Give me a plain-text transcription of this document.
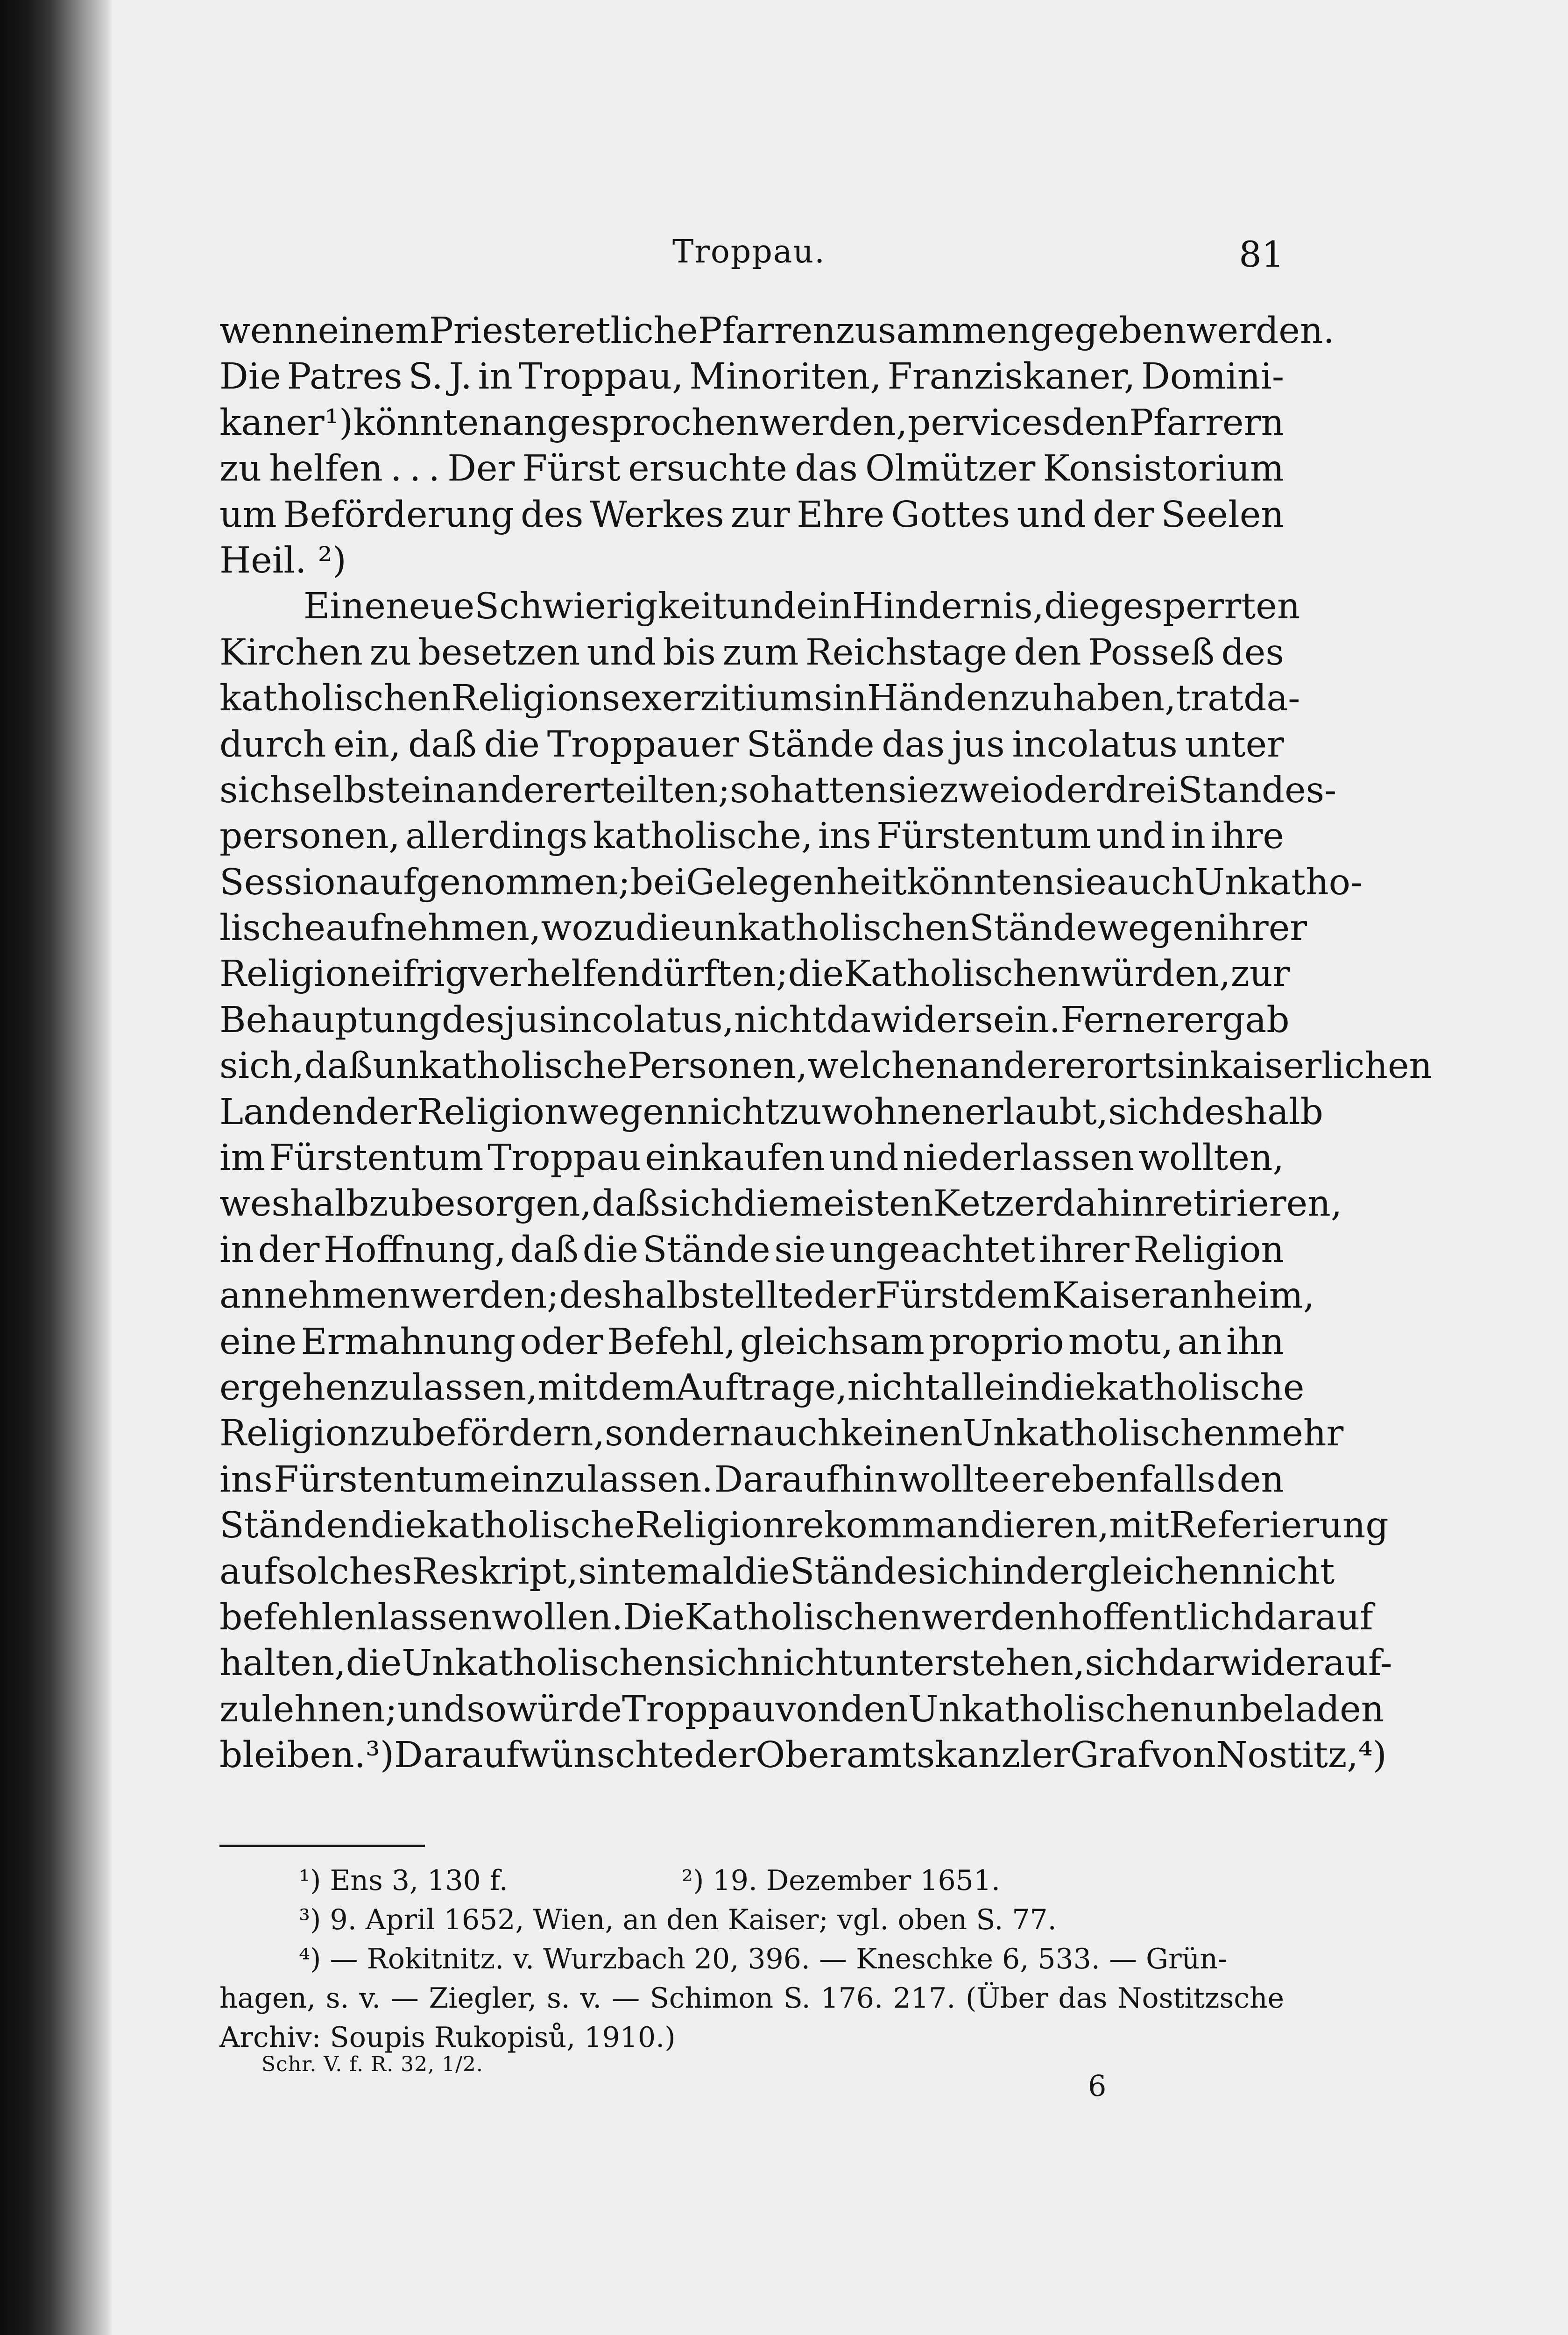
Troppau.	81
wenn einem Priester etliche Pfarren zusammen gegeben werden.
Die Patres S. J. in Troppau, Minoriten, Franziskaner, Domini-
kaner ¹) könnten angesprochen werden, per vices den Pfarrern
zu helfen . . . Der Fürst ersuchte das Olmützer Konsistorium
um Beförderung des Werkes zur Ehre Gottes und der Seelen
Heil. ²)
Eine neue Schwierigkeit und ein Hindernis, die gesperrten
Kirchen zu besetzen und bis zum Reichstage den Posseß des
katholischen Religionsexerzitiums in Händen zu haben, trat da-
durch ein, daß die Troppauer Stände das jus incolatus unter
sich selbst einander erteilten; so hatten sie zwei oder drei Standes-
personen, allerdings katholische, ins Fürstentum und in ihre
Session aufgenommen; bei Gelegenheit könnten sie auch Unkatho-
lische aufnehmen, wozu die unkatholischen Stände wegen ihrer
Religion eifrig verhelfen dürften; die Katholischen würden, zur
Behauptung des jus incolatus, nicht dawider sein. Ferner ergab
sich, daß unkatholische Personen, welchen andererorts in kaiserlichen
Landen der Religion wegen nicht zu wohnen erlaubt, sich deshalb
im Fürstentum Troppau einkaufen und niederlassen wollten,
weshalb zu besorgen, daß sich die meisten Ketzer dahin retirieren,
in der Hoffnung, daß die Stände sie ungeachtet ihrer Religion
annehmen werden; deshalb stellte der Fürst dem Kaiser anheim,
eine Ermahnung oder Befehl, gleichsam proprio motu, an ihn
ergehen zu lassen, mit dem Auftrage, nicht allein die katholische
Religion zu befördern, sondern auch keinen Unkatholischen mehr
ins Fürstentum einzulassen. Daraufhin wollte er ebenfalls den
Ständen die katholische Religion rekommandieren, mit Referierung
auf solches Reskript, sintemal die Stände sich in dergleichen nicht
befehlen lassen wollen. Die Katholischen werden hoffentlich darauf
halten, die Unkatholischen sich nicht unterstehen, sich darwider auf-
zulehnen; und so würde Troppau von den Unkatholischen unbeladen
bleiben. ³) Darauf wünschte der Oberamtskanzler Graf von Nostitz, ⁴)
¹) Ens 3, 130 f.	²) 19. Dezember 1651.
³) 9. April 1652, Wien, an den Kaiser; vgl. oben S. 77.
⁴) — Rokitnitz. v. Wurzbach 20, 396. — Kneschke 6, 533. — Grün-
hagen, s. v. — Ziegler, s. v. — Schimon S. 176. 217. (Über das Nostitzsche
Archiv: Soupis Rukopisů, 1910.)
Schr. V. f. R. 32, 1/2.
6
